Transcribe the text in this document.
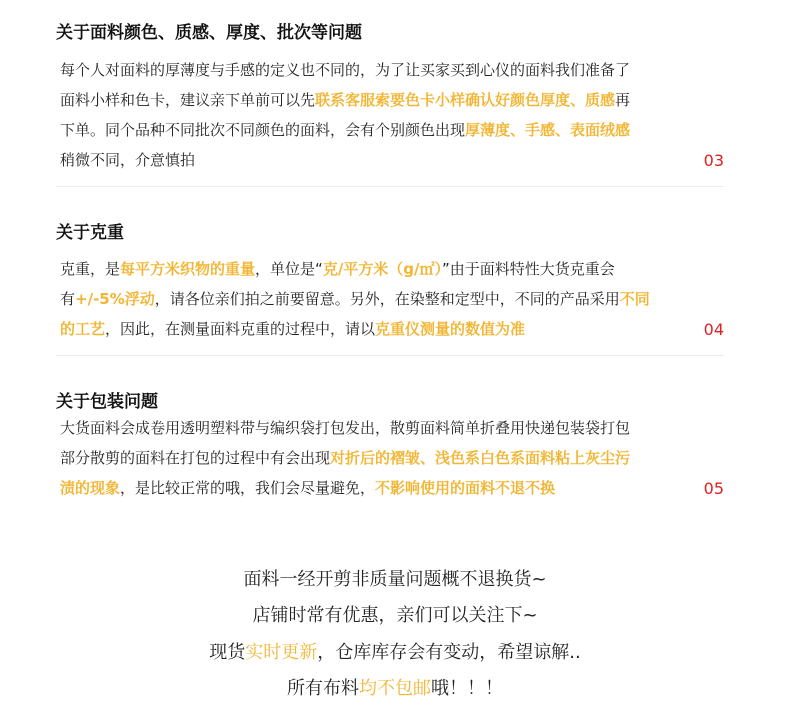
关于面料颜色、质感、厚度、批次等问题
每个人对面料的厚薄度与手感的定义也不同的，为了让买家买到心仪的面料我们准备了
面料小样和色卡，建议亲下单前可以先联系客服索要色卡小样确认好颜色厚度、质感再
下单。同个品种不同批次不同颜色的面料，会有个别颜色出现厚薄度、手感、表面绒感
稍微不同，介意慎拍	03
关于克重
克重，是每平方米织物的重量，单位是“克/平方米（g/㎡）”由于面料特性大货克重会
有+/-5%浮动，请各位亲们拍之前要留意。另外，在染整和定型中，不同的产品采用不同
的工艺，因此，在测量面料克重的过程中，请以克重仪测量的数值为准	04
关于包装问题
大货面料会成卷用透明塑料带与编织袋打包发出，散剪面料简单折叠用快递包装袋打包
部分散剪的面料在打包的过程中有会出现对折后的褶皱、浅色系白色系面料粘上灰尘污
渍的现象，是比较正常的哦，我们会尽量避免，不影响使用的面料不退不换	05
面料一经开剪非质量问题概不退换货~
店铺时常有优惠，亲们可以关注下~
现货实时更新，仓库库存会有变动，希望谅解..
所有布料均不包邮哦！！！
